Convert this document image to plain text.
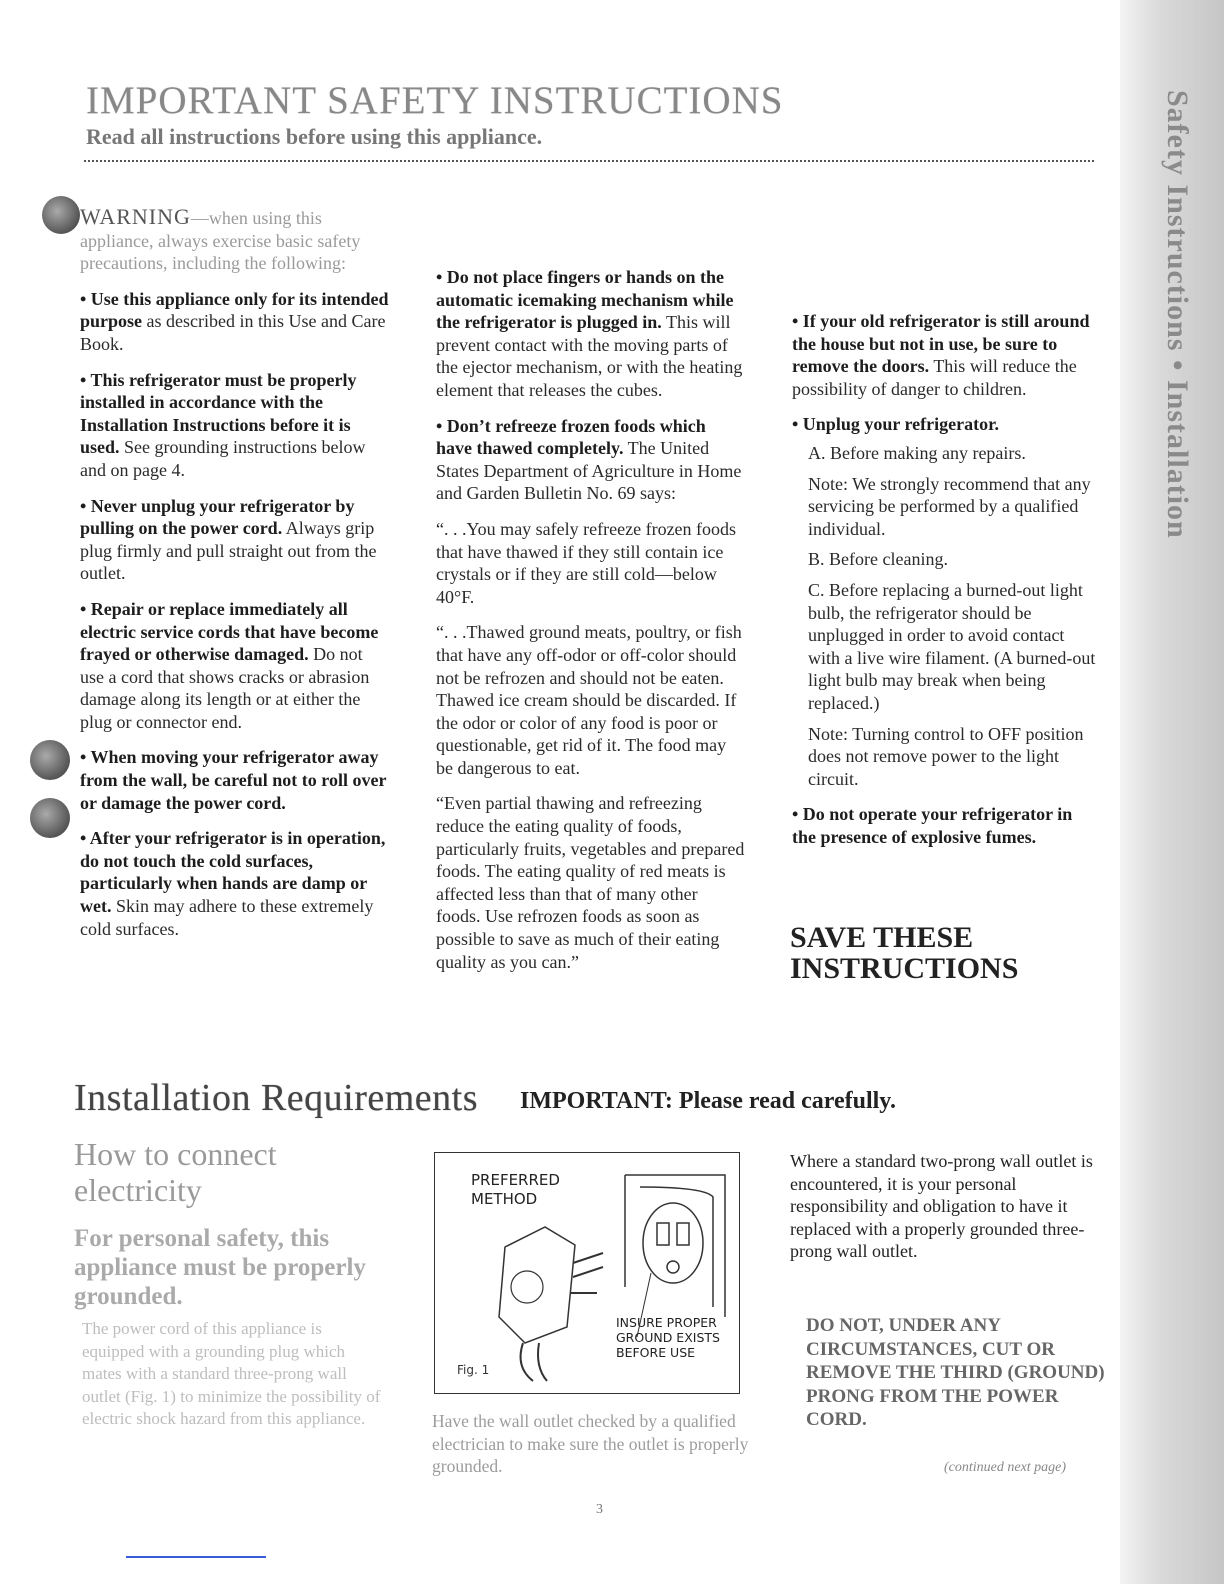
Safety Instructions • Installation
IMPORTANT SAFETY INSTRUCTIONS
Read all instructions before using this appliance.

WARNING—when using this appliance, always exercise basic safety precautions, including the following:

• Use this appliance only for its intended purpose as described in this Use and Care Book.

• This refrigerator must be properly installed in accordance with the Installation Instructions before it is used. See grounding instructions below and on page 4.

• Never unplug your refrigerator by pulling on the power cord. Always grip plug firmly and pull straight out from the outlet.

• Repair or replace immediately all electric service cords that have become frayed or otherwise damaged. Do not use a cord that shows cracks or abrasion damage along its length or at either the plug or connector end.

• When moving your refrigerator away from the wall, be careful not to roll over or damage the power cord.

• After your refrigerator is in operation, do not touch the cold surfaces, particularly when hands are damp or wet. Skin may adhere to these extremely cold surfaces.

• Do not place fingers or hands on the automatic icemaking mechanism while the refrigerator is plugged in. This will prevent contact with the moving parts of the ejector mechanism, or with the heating element that releases the cubes.

• Don’t refreeze frozen foods which have thawed completely. The United States Department of Agriculture in Home and Garden Bulletin No. 69 says:

“. . .You may safely refreeze frozen foods that have thawed if they still contain ice crystals or if they are still cold—below 40°F.

“. . .Thawed ground meats, poultry, or fish that have any off-odor or off-color should not be refrozen and should not be eaten. Thawed ice cream should be discarded. If the odor or color of any food is poor or questionable, get rid of it. The food may be dangerous to eat.

“Even partial thawing and refreezing reduce the eating quality of foods, particularly fruits, vegetables and prepared foods. The eating quality of red meats is affected less than that of many other foods. Use refrozen foods as soon as possible to save as much of their eating quality as you can.”

• If your old refrigerator is still around the house but not in use, be sure to remove the doors. This will reduce the possibility of danger to children.

• Unplug your refrigerator.

A. Before making any repairs.

Note: We strongly recommend that any servicing be performed by a qualified individual.

B. Before cleaning.

C. Before replacing a burned-out light bulb, the refrigerator should be unplugged in order to avoid contact with a live wire filament. (A burned-out light bulb may break when being replaced.)

Note: Turning control to OFF position does not remove power to the light circuit.

• Do not operate your refrigerator in the presence of explosive fumes.

SAVE THESE
INSTRUCTIONS
Installation Requirements	IMPORTANT: Please read carefully.
How to connect electricity
For personal safety, this appliance must be properly grounded.
The power cord of this appliance is equipped with a grounding plug which mates with a standard three-prong wall outlet (Fig. 1) to minimize the possibility of electric shock hazard from this appliance.
PREFERRED
METHOD
INSURE PROPER
GROUND EXISTS
BEFORE USE
Fig. 1
Have the wall outlet checked by a qualified electrician to make sure the outlet is properly grounded.
Where a standard two-prong wall outlet is encountered, it is your personal responsibility and obligation to have it replaced with a properly grounded three-prong wall outlet.
DO NOT, UNDER ANY CIRCUMSTANCES, CUT OR REMOVE THE THIRD (GROUND) PRONG FROM THE POWER CORD.
(continued next page)
3
